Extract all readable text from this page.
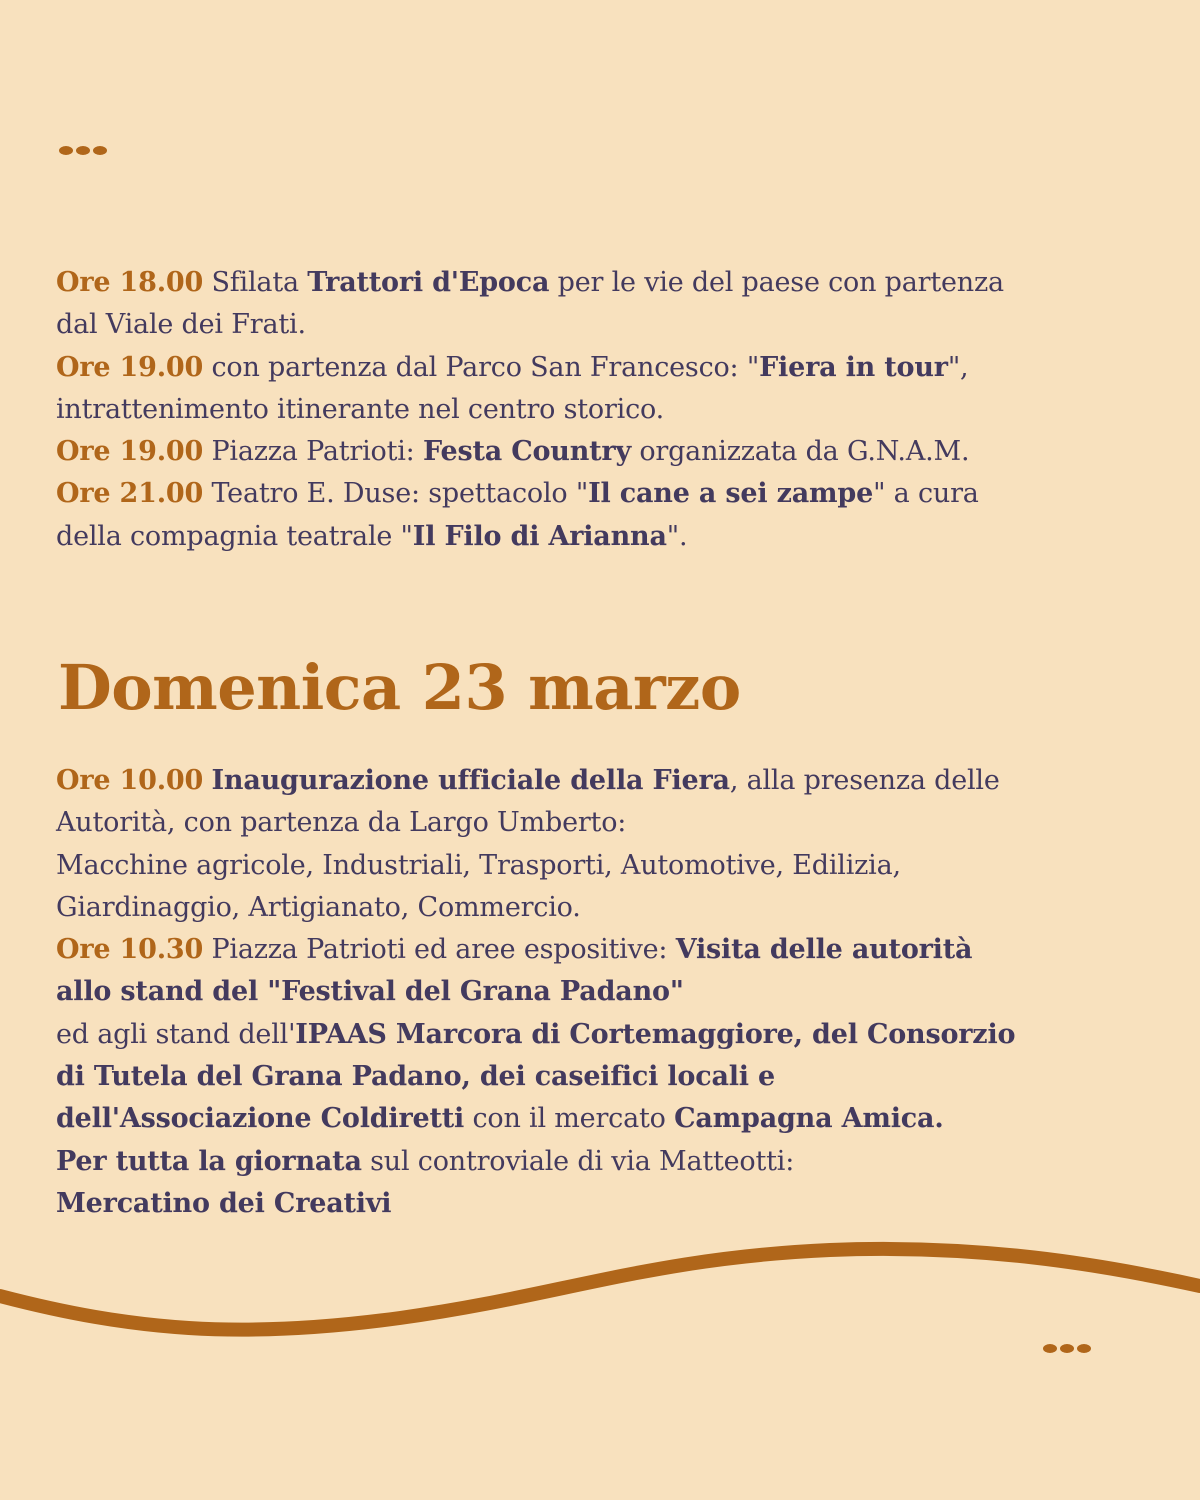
Ore 18.00 Sfilata Trattori d'Epoca per le vie del paese con partenza

dal Viale dei Frati.

Ore 19.00 con partenza dal Parco San Francesco: "Fiera in tour",

intrattenimento itinerante nel centro storico.

Ore 19.00 Piazza Patrioti: Festa Country organizzata da G.N.A.M.

Ore 21.00 Teatro E. Duse: spettacolo "Il cane a sei zampe" a cura

della compagnia teatrale "Il Filo di Arianna".

Domenica 23 marzo

Ore 10.00 Inaugurazione ufficiale della Fiera, alla presenza delle

Autorità, con partenza da Largo Umberto:

Macchine agricole, Industriali, Trasporti, Automotive, Edilizia,

Giardinaggio, Artigianato, Commercio.

Ore 10.30 Piazza Patrioti ed aree espositive: Visita delle autorità

allo stand del "Festival del Grana Padano"

ed agli stand dell'IPAAS Marcora di Cortemaggiore, del Consorzio

di Tutela del Grana Padano, dei caseifici locali e

dell'Associazione Coldiretti con il mercato Campagna Amica.

Per tutta la giornata sul controviale di via Matteotti:

Mercatino dei Creativi
